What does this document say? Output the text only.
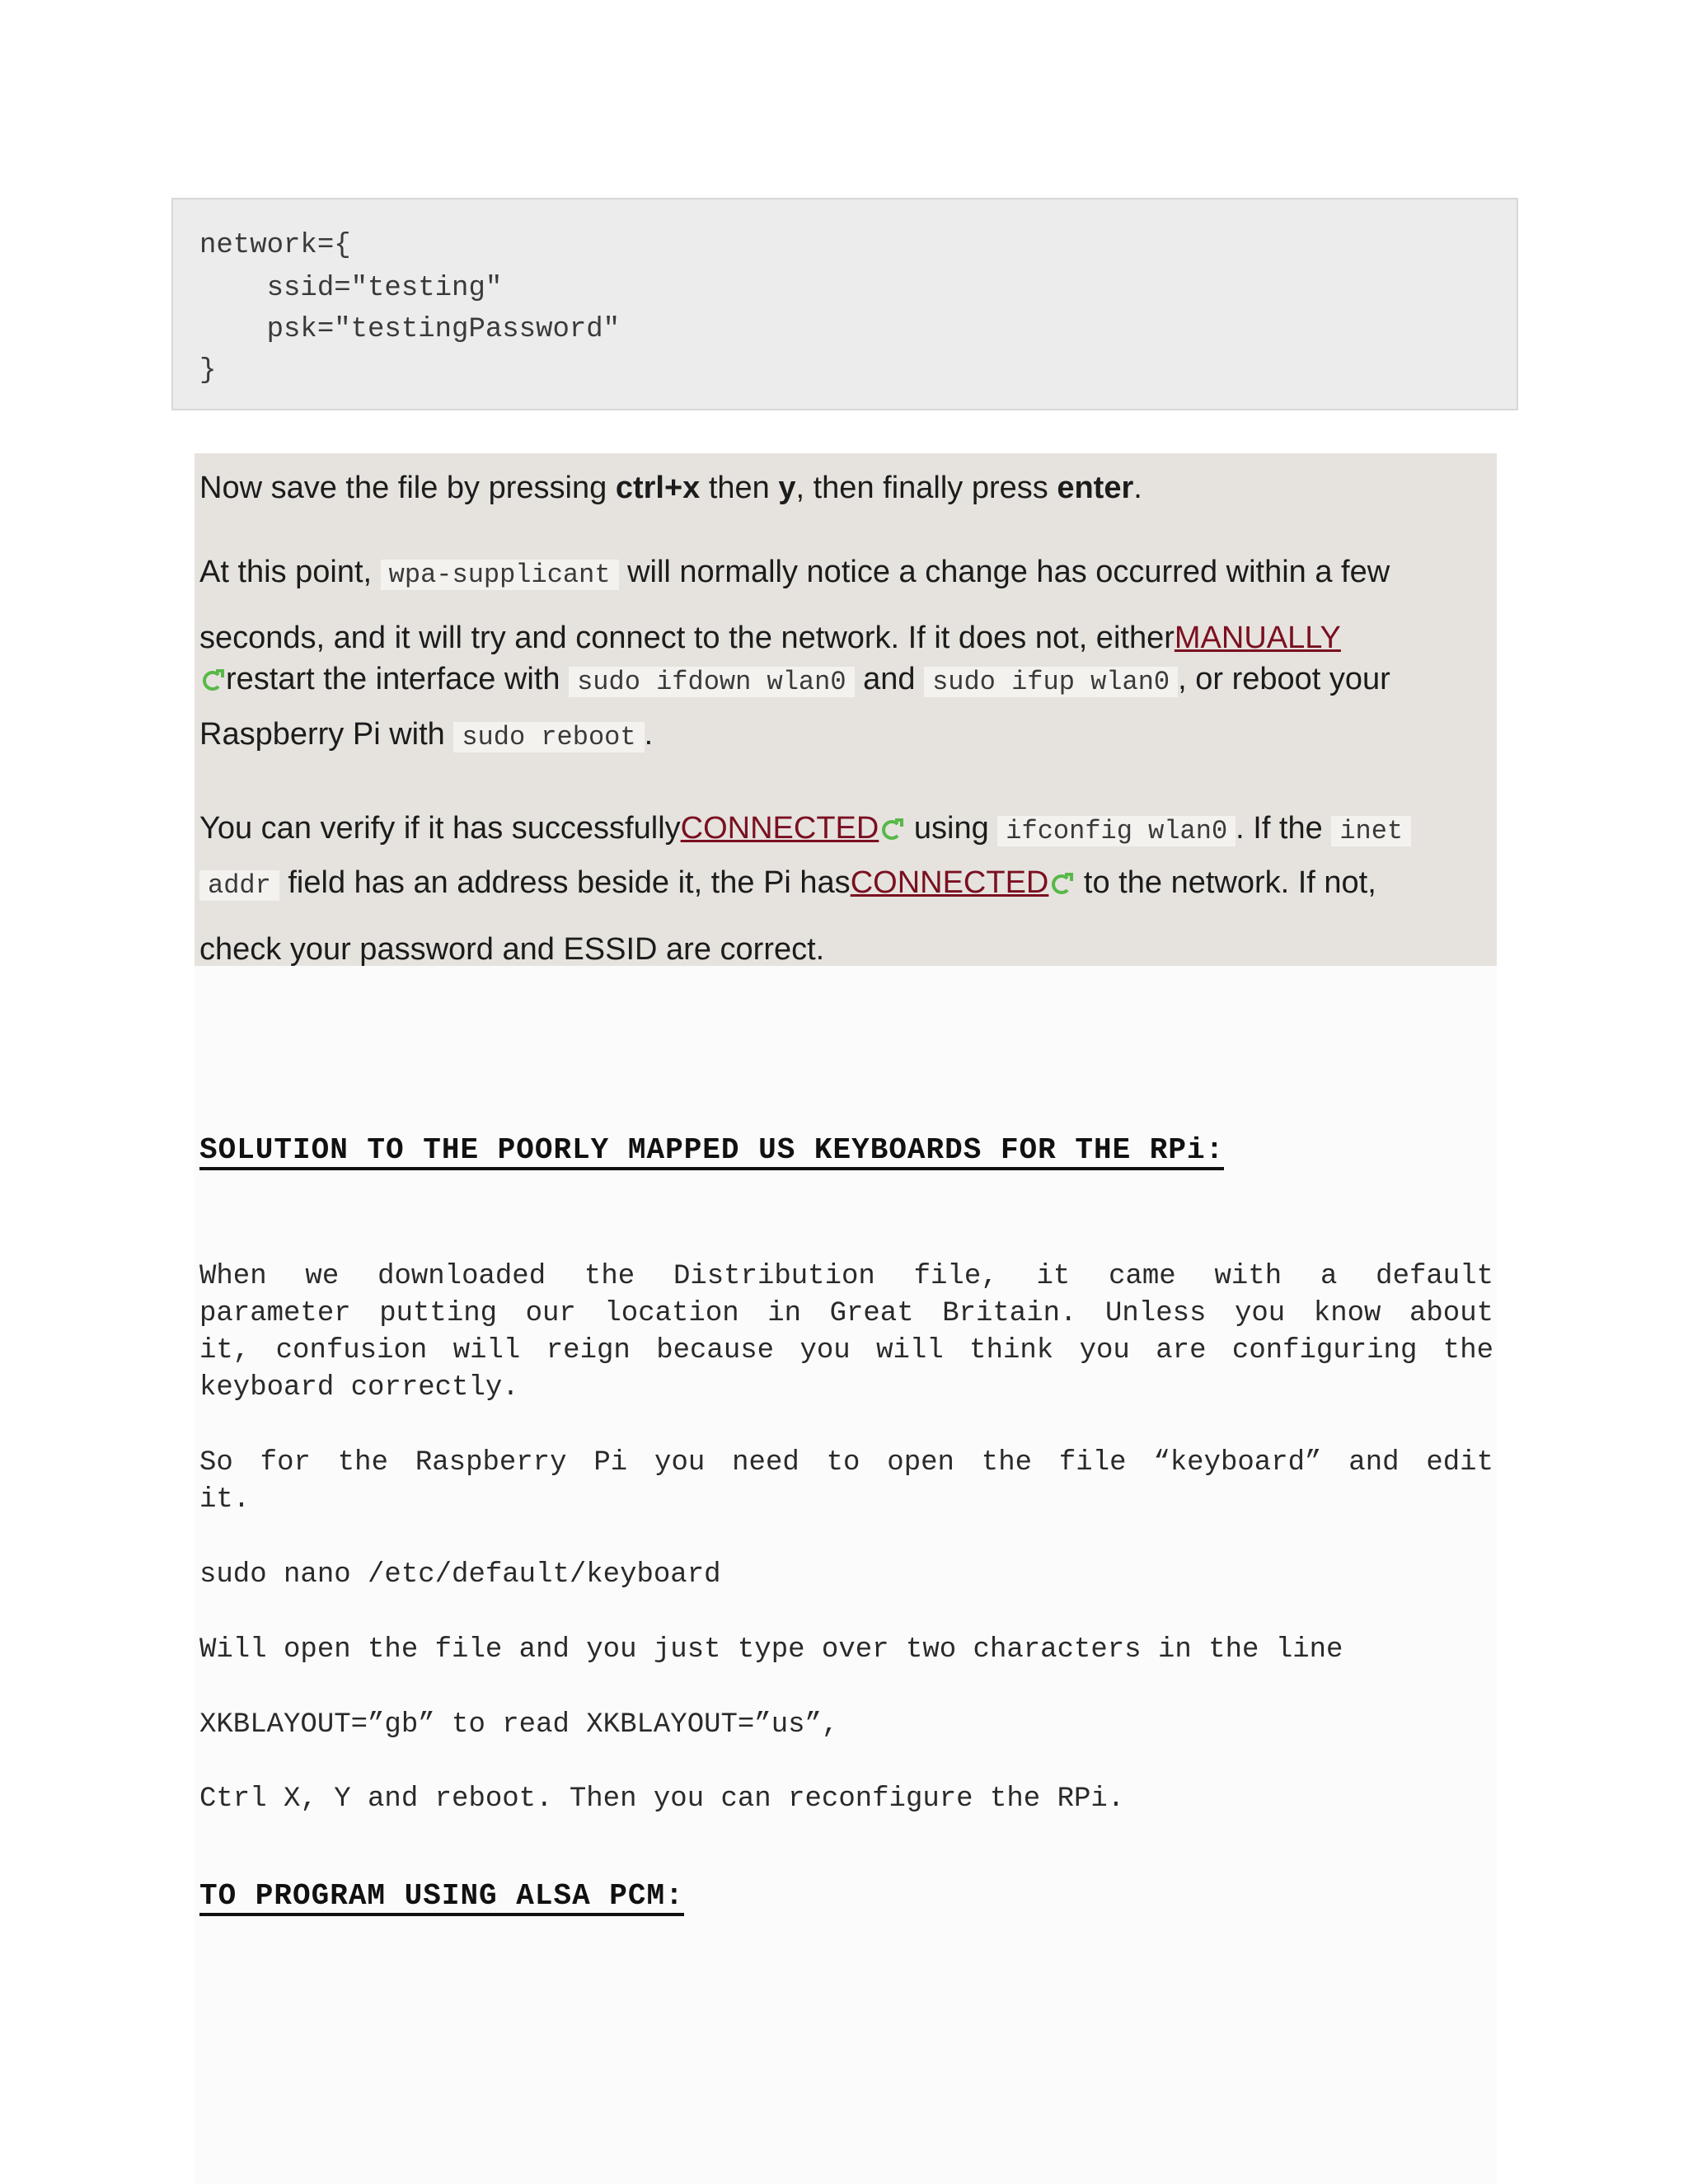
network={
ssid="testing"
psk="testingPassword"
}
Now save the file by pressing ctrl+x then y, then finally press enter.
At this point, wpa-supplicant will normally notice a change has occurred within a few
seconds, and it will try and connect to the network. If it does not, eitherMANUALLY
restart the interface with sudo ifdown wlan0 and sudo ifup wlan0 , or reboot your
Raspberry Pi with sudo reboot .
You can verify if it has successfullyCONNECTED using ifconfig wlan0 . If the inet
addr field has an address beside it, the Pi hasCONNECTED to the network. If not,
check your password and ESSID are correct.
SOLUTION TO THE POORLY MAPPED US KEYBOARDS FOR THE RPi:
When we downloaded the Distribution file, it came with a default
parameter putting our location in Great Britain. Unless you know about
it, confusion will reign because you will think you are configuring the
keyboard correctly.
So for the Raspberry Pi you need to open the file “keyboard” and edit
it.
sudo nano /etc/default/keyboard
Will open the file and you just type over two characters in the line
XKBLAYOUT=”gb” to read XKBLAYOUT=”us”,
Ctrl X, Y and reboot. Then you can reconfigure the RPi.
TO PROGRAM USING ALSA PCM:
